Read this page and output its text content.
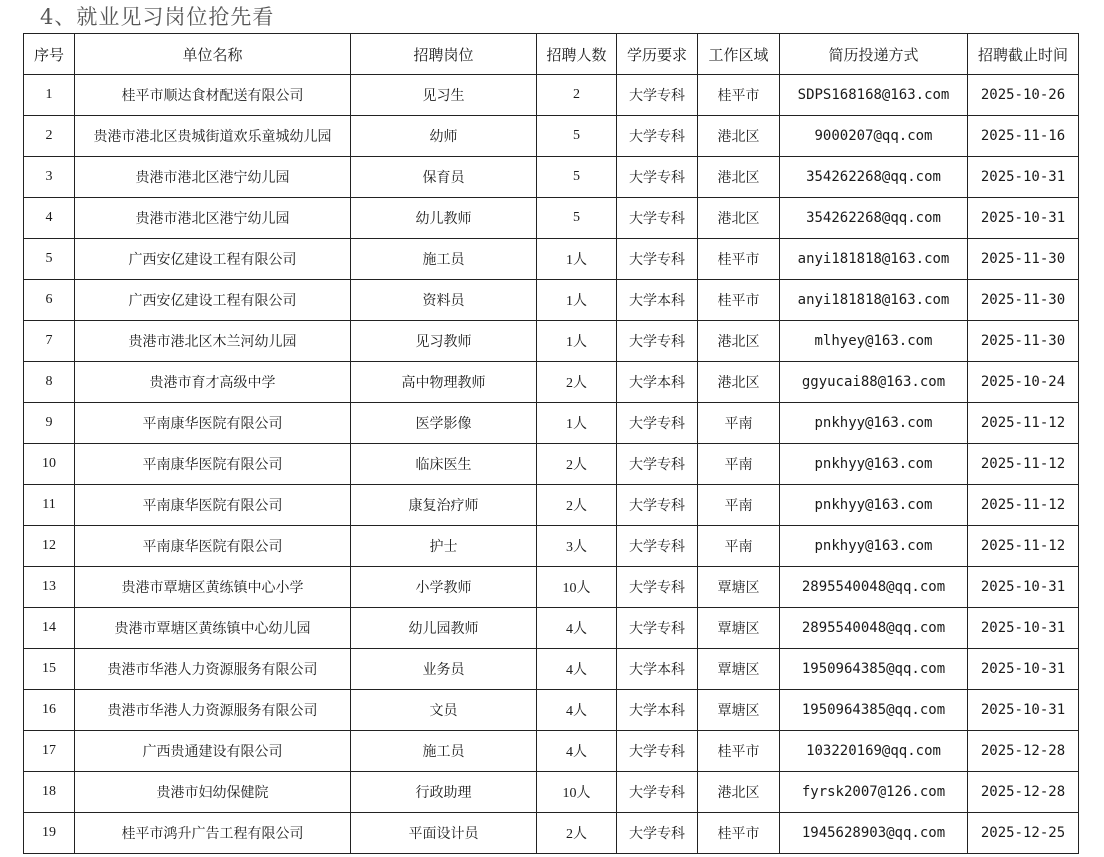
4、就业见习岗位抢先看
序号	单位名称	招聘岗位	招聘人数	学历要求	工作区域	简历投递方式	招聘截止时间
1	桂平市顺达食材配送有限公司	见习生	2	大学专科	桂平市	SDPS168168@163.com	2025-10-26
2	贵港市港北区贵城街道欢乐童城幼儿园	幼师	5	大学专科	港北区	9000207@qq.com	2025-11-16
3	贵港市港北区港宁幼儿园	保育员	5	大学专科	港北区	354262268@qq.com	2025-10-31
4	贵港市港北区港宁幼儿园	幼儿教师	5	大学专科	港北区	354262268@qq.com	2025-10-31
5	广西安亿建设工程有限公司	施工员	1人	大学专科	桂平市	anyi181818@163.com	2025-11-30
6	广西安亿建设工程有限公司	资料员	1人	大学本科	桂平市	anyi181818@163.com	2025-11-30
7	贵港市港北区木兰河幼儿园	见习教师	1人	大学专科	港北区	mlhyey@163.com	2025-11-30
8	贵港市育才高级中学	高中物理教师	2人	大学本科	港北区	ggyucai88@163.com	2025-10-24
9	平南康华医院有限公司	医学影像	1人	大学专科	平南	pnkhyy@163.com	2025-11-12
10	平南康华医院有限公司	临床医生	2人	大学专科	平南	pnkhyy@163.com	2025-11-12
11	平南康华医院有限公司	康复治疗师	2人	大学专科	平南	pnkhyy@163.com	2025-11-12
12	平南康华医院有限公司	护士	3人	大学专科	平南	pnkhyy@163.com	2025-11-12
13	贵港市覃塘区黄练镇中心小学	小学教师	10人	大学专科	覃塘区	2895540048@qq.com	2025-10-31
14	贵港市覃塘区黄练镇中心幼儿园	幼儿园教师	4人	大学专科	覃塘区	2895540048@qq.com	2025-10-31
15	贵港市华港人力资源服务有限公司	业务员	4人	大学本科	覃塘区	1950964385@qq.com	2025-10-31
16	贵港市华港人力资源服务有限公司	文员	4人	大学本科	覃塘区	1950964385@qq.com	2025-10-31
17	广西贵通建设有限公司	施工员	4人	大学专科	桂平市	103220169@qq.com	2025-12-28
18	贵港市妇幼保健院	行政助理	10人	大学专科	港北区	fyrsk2007@126.com	2025-12-28
19	桂平市鸿升广告工程有限公司	平面设计员	2人	大学专科	桂平市	1945628903@qq.com	2025-12-25
